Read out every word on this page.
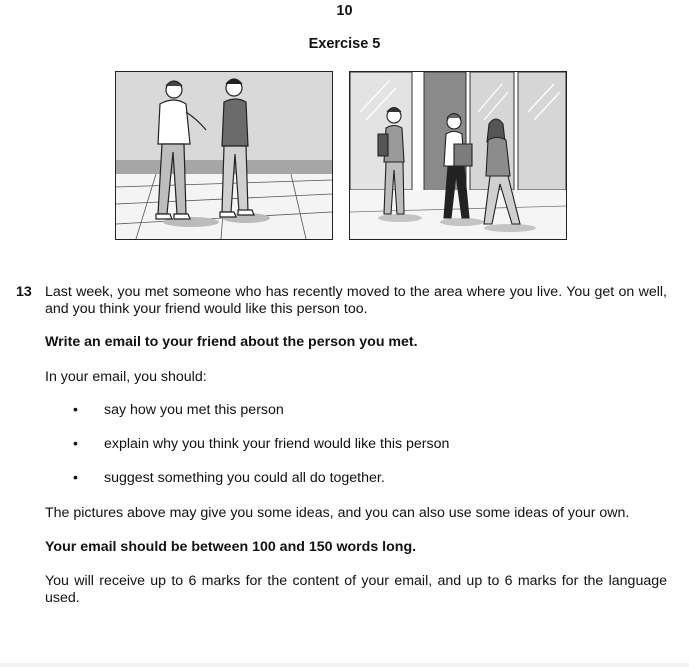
10
Exercise 5
13 Last week, you met someone who has recently moved to the area where you live. You get on well, and you think your friend would like this person too.
Write an email to your friend about the person you met.
In your email, you should:
• say how you met this person
• explain why you think your friend would like this person
• suggest something you could all do together.
The pictures above may give you some ideas, and you can also use some ideas of your own.
Your email should be between 100 and 150 words long.
You will receive up to 6 marks for the content of your email, and up to 6 marks for the language used.
